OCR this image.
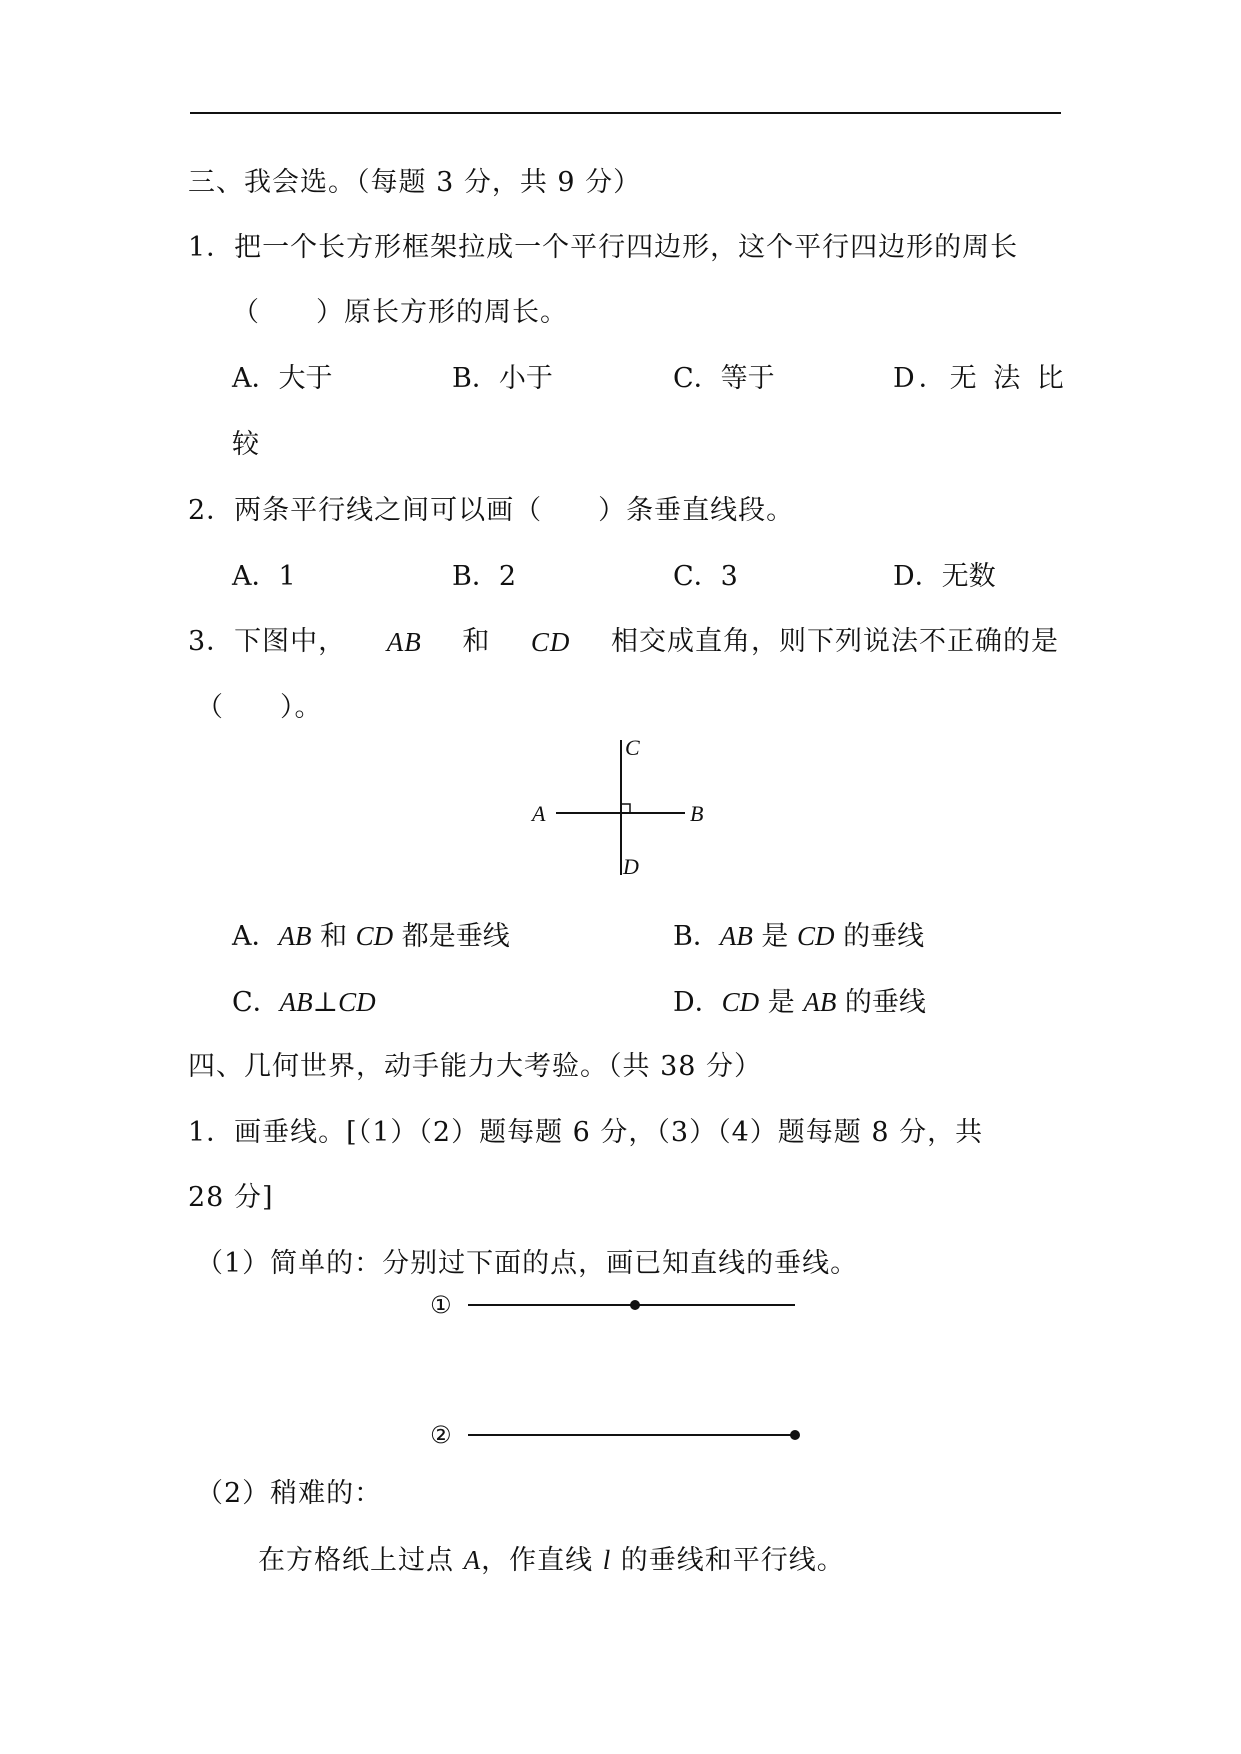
三、我会选。（每题 3 分，共 9 分）
1．把一个长方形框架拉成一个平行四边形，这个平行四边形的周长
（　　）原长方形的周长。
A．大于	B．小于	C．等于	D．无 法 比
较
2．两条平行线之间可以画（　　）条垂直线段。
A．1	B．2	C．3	D．无数
3．下图中， AB 和 CD 相交成直角，则下列说法不正确的是
（　　）。
A	B
C
D
A．AB 和 CD 都是垂线	B．AB 是 CD 的垂线
C．AB⊥CD	D．CD 是 AB 的垂线
四、几何世界，动手能力大考验。（共 38 分）
1．画垂线。[（1）（2）题每题 6 分，（3）（4）题每题 8 分，共
28 分]
（1）简单的：分别过下面的点，画已知直线的垂线。
①
②
（2）稍难的：
在方格纸上过点 A，作直线 l 的垂线和平行线。
